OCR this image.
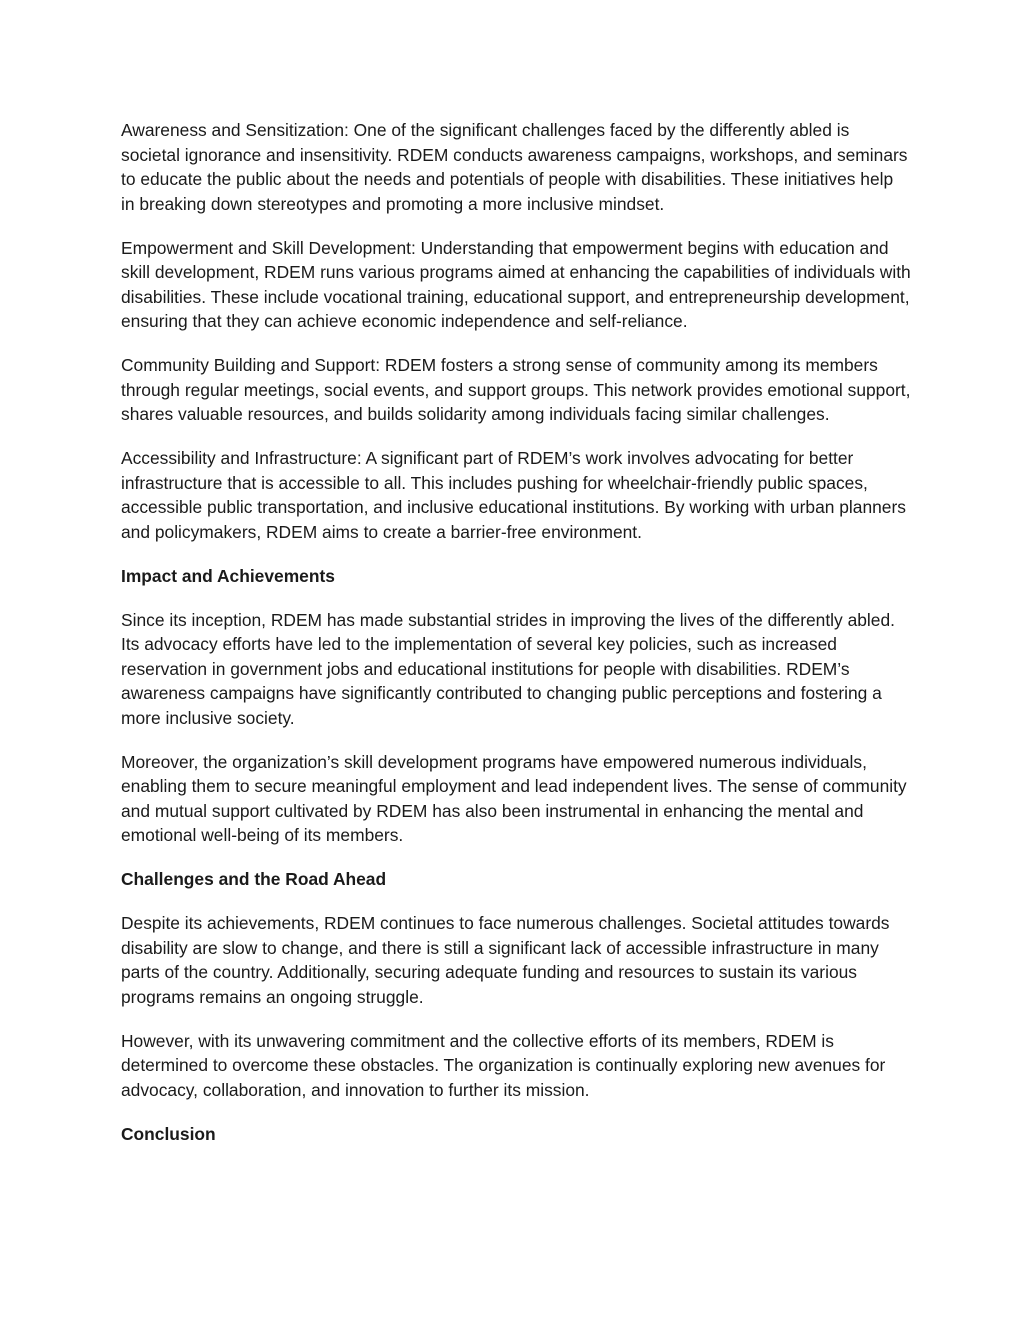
Awareness and Sensitization: One of the significant challenges faced by the differently abled is societal ignorance and insensitivity. RDEM conducts awareness campaigns, workshops, and seminars to educate the public about the needs and potentials of people with disabilities. These initiatives help in breaking down stereotypes and promoting a more inclusive mindset.

Empowerment and Skill Development: Understanding that empowerment begins with education and skill development, RDEM runs various programs aimed at enhancing the capabilities of individuals with disabilities. These include vocational training, educational support, and entrepreneurship development, ensuring that they can achieve economic independence and self-reliance.

Community Building and Support: RDEM fosters a strong sense of community among its members through regular meetings, social events, and support groups. This network provides emotional support, shares valuable resources, and builds solidarity among individuals facing similar challenges.

Accessibility and Infrastructure: A significant part of RDEM’s work involves advocating for better infrastructure that is accessible to all. This includes pushing for wheelchair-friendly public spaces, accessible public transportation, and inclusive educational institutions. By working with urban planners and policymakers, RDEM aims to create a barrier-free environment.

Impact and Achievements

Since its inception, RDEM has made substantial strides in improving the lives of the differently abled. Its advocacy efforts have led to the implementation of several key policies, such as increased reservation in government jobs and educational institutions for people with disabilities. RDEM’s awareness campaigns have significantly contributed to changing public perceptions and fostering a more inclusive society.

Moreover, the organization’s skill development programs have empowered numerous individuals, enabling them to secure meaningful employment and lead independent lives. The sense of community and mutual support cultivated by RDEM has also been instrumental in enhancing the mental and emotional well-being of its members.

Challenges and the Road Ahead

Despite its achievements, RDEM continues to face numerous challenges. Societal attitudes towards disability are slow to change, and there is still a significant lack of accessible infrastructure in many parts of the country. Additionally, securing adequate funding and resources to sustain its various programs remains an ongoing struggle.

However, with its unwavering commitment and the collective efforts of its members, RDEM is determined to overcome these obstacles. The organization is continually exploring new avenues for advocacy, collaboration, and innovation to further its mission.

Conclusion
